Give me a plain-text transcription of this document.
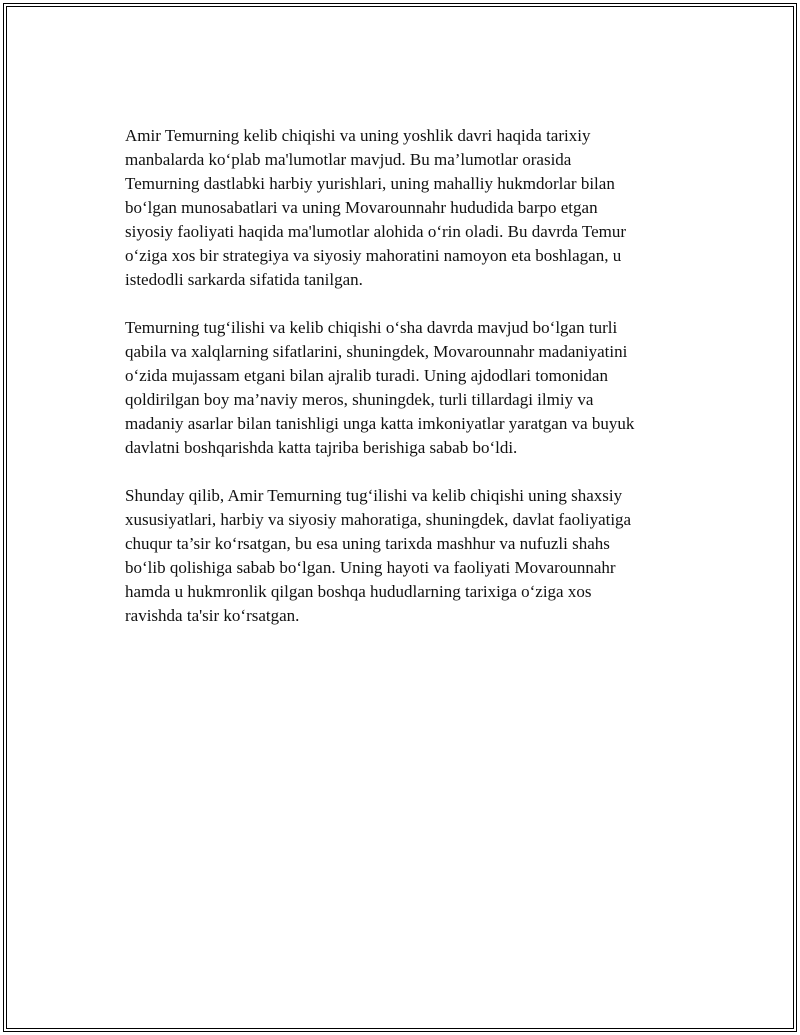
Amir Temurning kelib chiqishi va uning yoshlik davri haqida tarixiy
manbalarda ko‘plab ma'lumotlar mavjud. Bu ma’lumotlar orasida
Temurning dastlabki harbiy yurishlari, uning mahalliy hukmdorlar bilan
bo‘lgan munosabatlari va uning Movarounnahr hududida barpo etgan
siyosiy faoliyati haqida ma'lumotlar alohida o‘rin oladi. Bu davrda Temur
o‘ziga xos bir strategiya va siyosiy mahoratini namoyon eta boshlagan, u
istedodli sarkarda sifatida tanilgan.

Temurning tug‘ilishi va kelib chiqishi o‘sha davrda mavjud bo‘lgan turli
qabila va xalqlarning sifatlarini, shuningdek, Movarounnahr madaniyatini
o‘zida mujassam etgani bilan ajralib turadi. Uning ajdodlari tomonidan
qoldirilgan boy ma’naviy meros, shuningdek, turli tillardagi ilmiy va
madaniy asarlar bilan tanishligi unga katta imkoniyatlar yaratgan va buyuk
davlatni boshqarishda katta tajriba berishiga sabab bo‘ldi.

Shunday qilib, Amir Temurning tug‘ilishi va kelib chiqishi uning shaxsiy
xususiyatlari, harbiy va siyosiy mahoratiga, shuningdek, davlat faoliyatiga
chuqur ta’sir ko‘rsatgan, bu esa uning tarixda mashhur va nufuzli shahs
bo‘lib qolishiga sabab bo‘lgan. Uning hayoti va faoliyati Movarounnahr
hamda u hukmronlik qilgan boshqa hududlarning tarixiga o‘ziga xos
ravishda ta'sir ko‘rsatgan.
